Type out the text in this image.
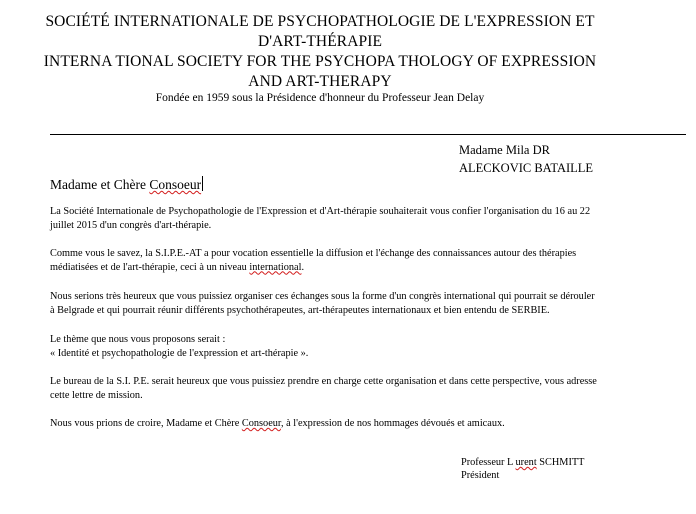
SOCIÉTÉ INTERNATIONALE DE PSYCHOPATHOLOGIE DE L'EXPRESSION ET
D'ART-THÉRAPIE
INTERNA TIONAL SOCIETY FOR THE PSYCHOPA THOLOGY OF EXPRESSION
AND ART-THERAPY
Fondée en 1959 sous la Présidence d'honneur du Professeur Jean Delay
Madame Mila DR
ALECKOVIC BATAILLE
Madame et Chère Consoeur
La Société Internationale de Psychopathologie de l'Expression et d'Art-thérapie souhaiterait vous confier l'organisation du 16 au 22
juillet 2015 d'un congrès d'art-thérapie.
Comme vous le savez, la S.I.P.E.-AT a pour vocation essentielle la diffusion et l'échange des connaissances autour des thérapies
médiatisées et de l'art-thérapie, ceci à un niveau international.
Nous serions très heureux que vous puissiez organiser ces échanges sous la forme d'un congrès international qui pourrait se dérouler
à Belgrade et qui pourrait réunir différents psychothérapeutes, art-thérapeutes internationaux et bien entendu de SERBIE.
Le thème que nous vous proposons serait :
« Identité et psychopathologie de l'expression et art-thérapie ».
Le bureau de la S.I. P.E. serait heureux que vous puissiez prendre en charge cette organisation et dans cette perspective, vous adresse
cette lettre de mission.
Nous vous prions de croire, Madame et Chère Consoeur, à l'expression de nos hommages dévoués et amicaux.
Professeur L urent SCHMITT
Président
